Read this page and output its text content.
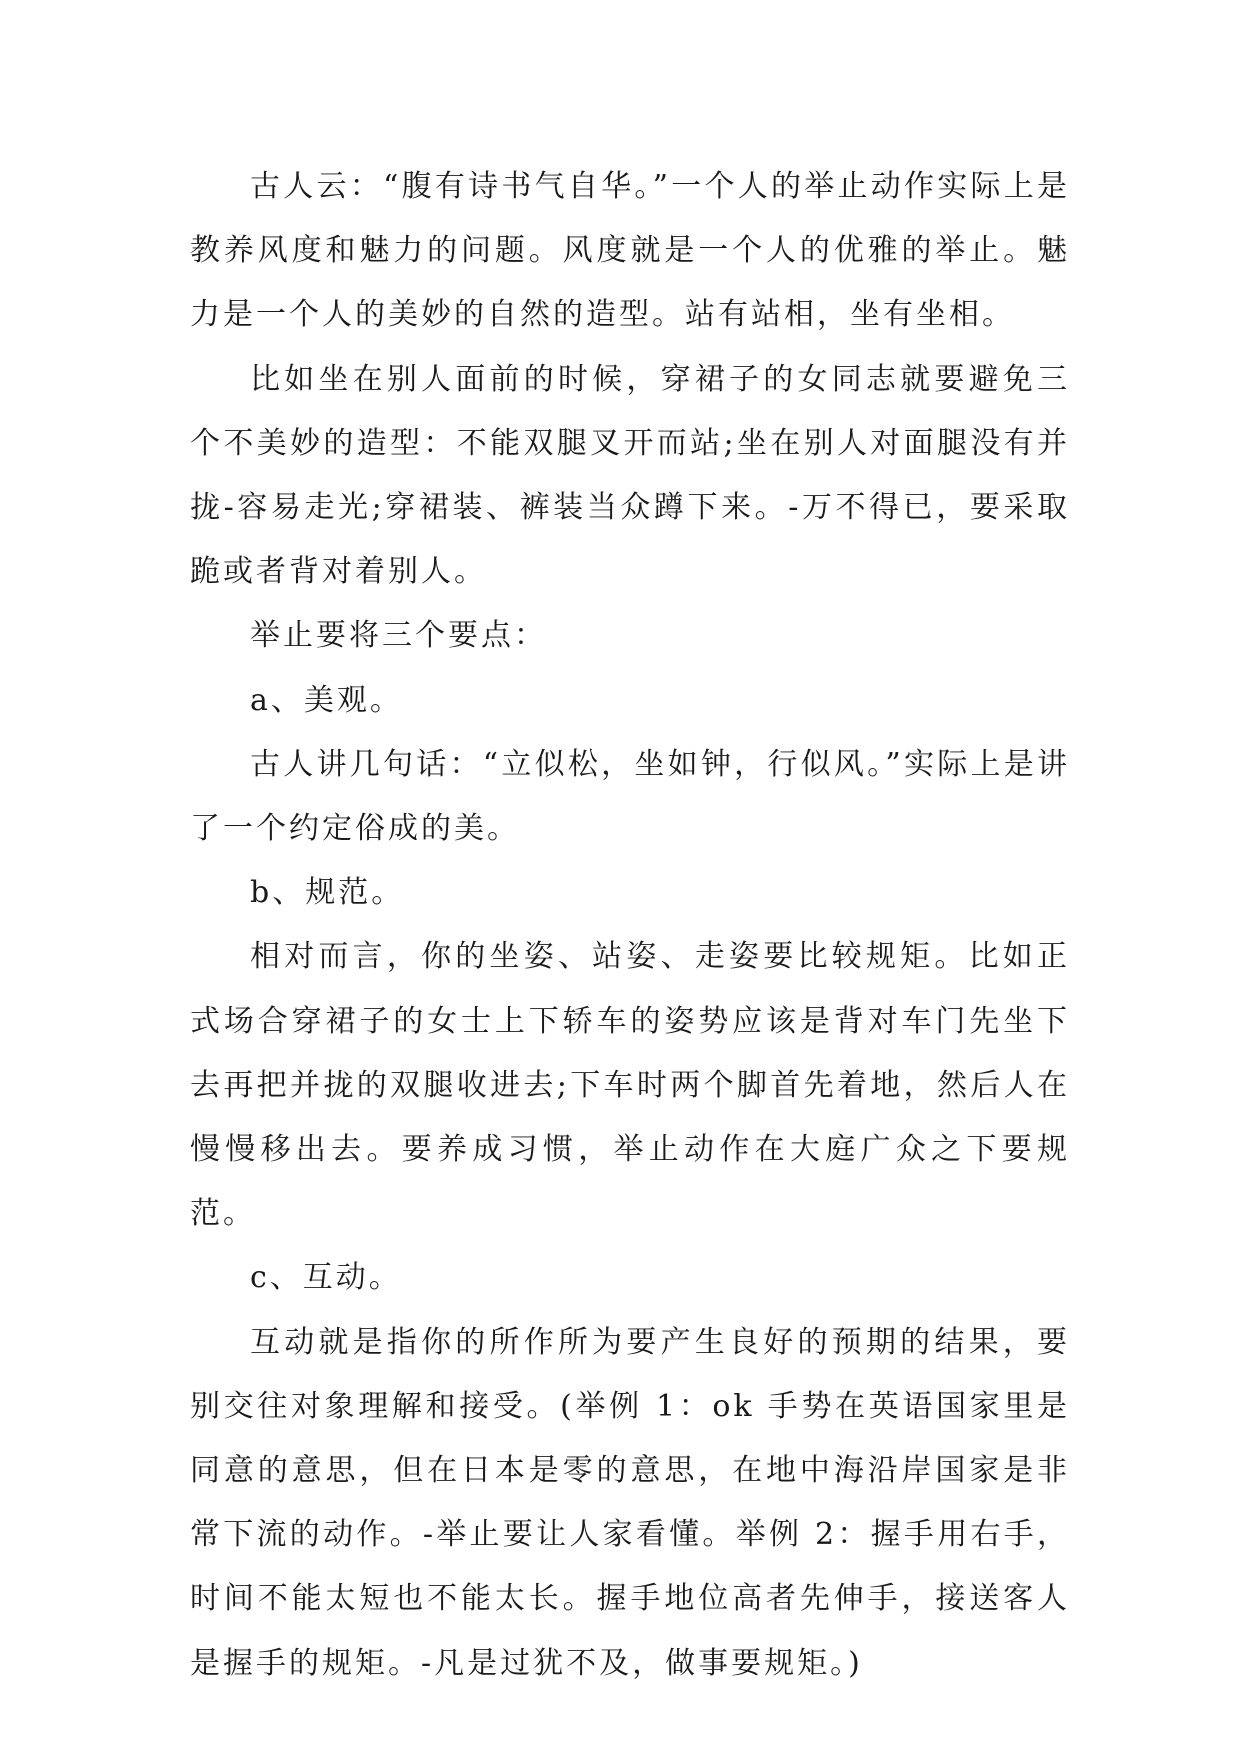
古人云：“腹有诗书气自华。”一个人的举止动作实际上是教养风度和魅力的问题。风度就是一个人的优雅的举止。魅力是一个人的美妙的自然的造型。站有站相，坐有坐相。

比如坐在别人面前的时候，穿裙子的女同志就要避免三个不美妙的造型：不能双腿叉开而站;坐在别人对面腿没有并拢-容易走光;穿裙装、裤装当众蹲下来。-万不得已，要采取跪或者背对着别人。

举止要将三个要点：

a、美观。

古人讲几句话：“立似松，坐如钟，行似风。”实际上是讲了一个约定俗成的美。

b、规范。

相对而言，你的坐姿、站姿、走姿要比较规矩。比如正式场合穿裙子的女士上下轿车的姿势应该是背对车门先坐下去再把并拢的双腿收进去;下车时两个脚首先着地，然后人在慢慢移出去。要养成习惯，举止动作在大庭广众之下要规范。

c、互动。

互动就是指你的所作所为要产生良好的预期的结果，要别交往对象理解和接受。(举例 1：ok 手势在英语国家里是同意的意思，但在日本是零的意思，在地中海沿岸国家是非常下流的动作。-举止要让人家看懂。举例 2：握手用右手，时间不能太短也不能太长。握手地位高者先伸手，接送客人是握手的规矩。-凡是过犹不及，做事要规矩。)
